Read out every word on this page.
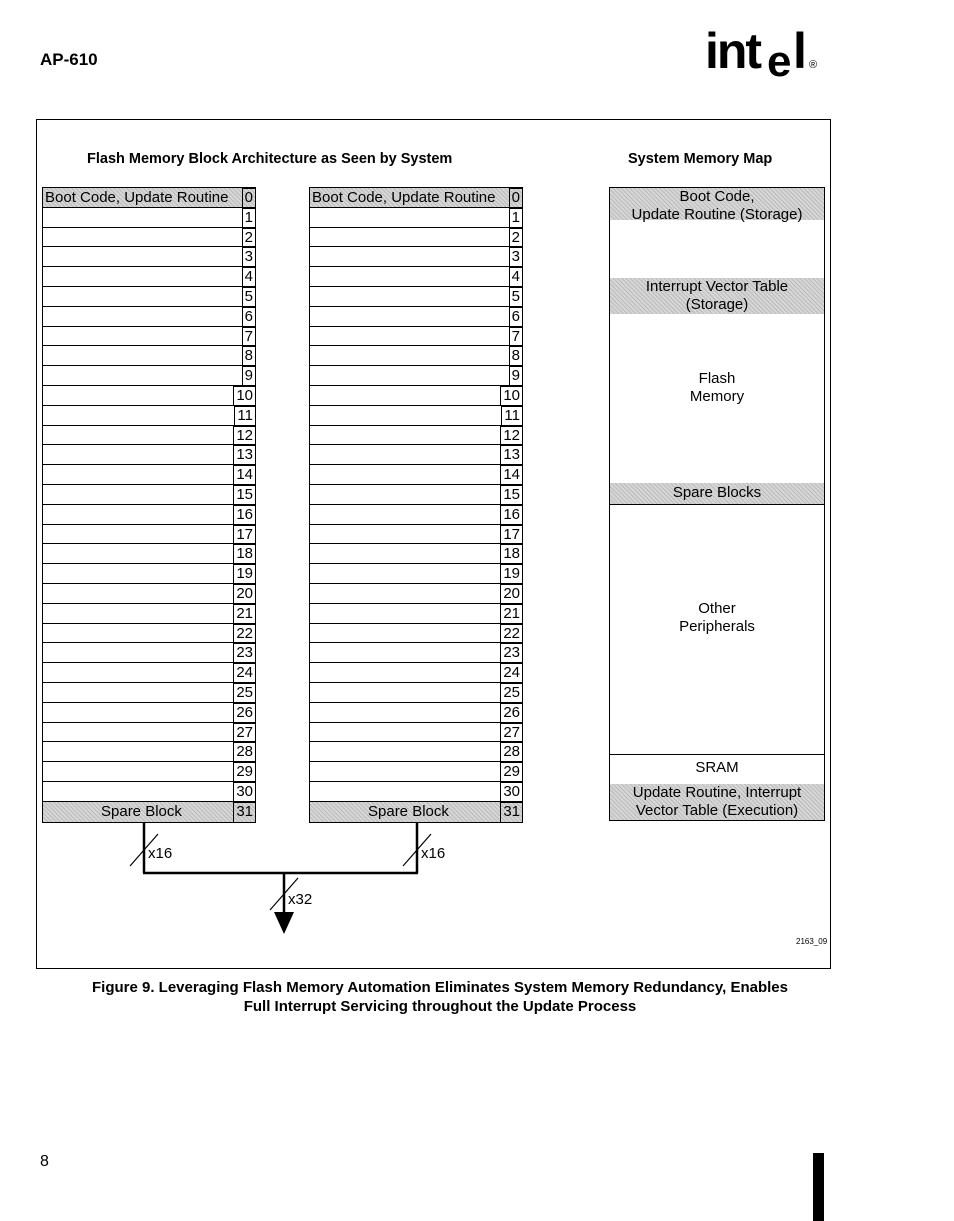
AP-610	int e l ®
Flash Memory Block Architecture as Seen by System	System Memory Map
Boot Code, Update Routine 0
1
2
3
4
5
6
7
8
9
10
11
12
13
14
15
16
17
18
19
20
21
22
23
24
25
26
27
28
29
30
Spare Block	31
Boot Code, Update Routine 0
1
2
3
4
5
6
7
8
9
10
11
12
13
14
15
16
17
18
19
20
21
22
23
24
25
26
27
28
29
30
Spare Block	31
Boot Code,
Update Routine (Storage)
Interrupt Vector Table
(Storage)
Flash
Memory
Spare Blocks
Other
Peripherals
SRAM
Update Routine, Interrupt
Vector Table (Execution)
x16	x16
x32
2163_09
Figure 9. Leveraging Flash Memory Automation Eliminates System Memory Redundancy, Enables
Full Interrupt Servicing throughout the Update Process
8
